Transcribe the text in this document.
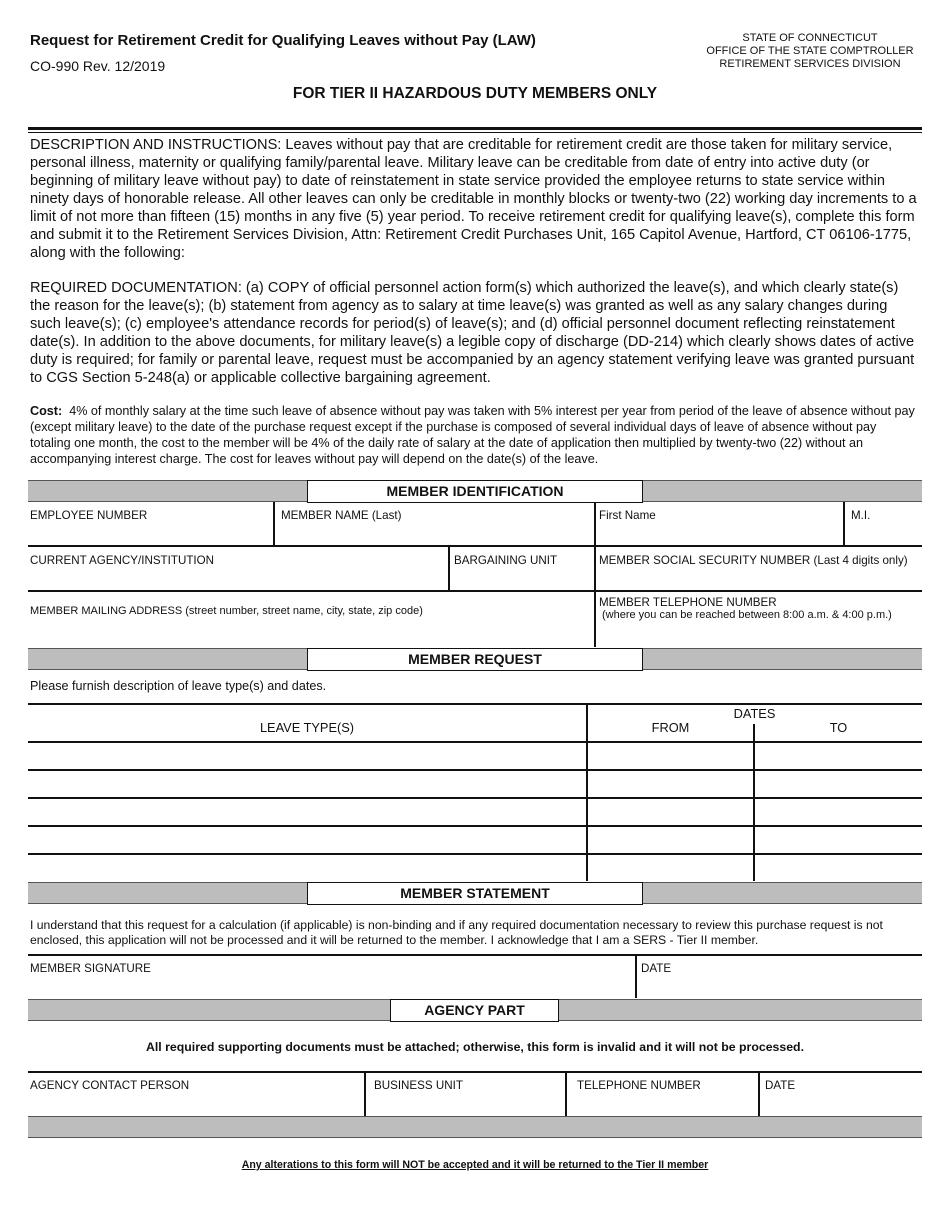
Request for Retirement Credit for Qualifying Leaves without Pay (LAW)
CO-990 Rev. 12/2019
STATE OF CONNECTICUT
OFFICE OF THE STATE COMPTROLLER
RETIREMENT SERVICES DIVISION
FOR TIER II HAZARDOUS DUTY MEMBERS ONLY
DESCRIPTION AND INSTRUCTIONS: Leaves without pay that are creditable for retirement credit are those taken for military service, personal illness, maternity or qualifying family/parental leave. Military leave can be creditable from date of entry into active duty (or beginning of military leave without pay) to date of reinstatement in state service provided the employee returns to state service within ninety days of honorable release. All other leaves can only be creditable in monthly blocks or twenty-two (22) working day increments to a limit of not more than fifteen (15) months in any five (5) year period. To receive retirement credit for qualifying leave(s), complete this form and submit it to the Retirement Services Division, Attn: Retirement Credit Purchases Unit, 165 Capitol Avenue, Hartford, CT 06106-1775, along with the following:
REQUIRED DOCUMENTATION: (a) COPY of official personnel action form(s) which authorized the leave(s), and which clearly state(s) the reason for the leave(s); (b) statement from agency as to salary at time leave(s) was granted as well as any salary changes during such leave(s); (c) employee's attendance records for period(s) of leave(s); and (d) official personnel document reflecting reinstatement date(s). In addition to the above documents, for military leave(s) a legible copy of discharge (DD-214) which clearly shows dates of active duty is required; for family or parental leave, request must be accompanied by an agency statement verifying leave was granted pursuant to CGS Section 5-248(a) or applicable collective bargaining agreement.
Cost: 4% of monthly salary at the time such leave of absence without pay was taken with 5% interest per year from period of the leave of absence without pay (except military leave) to the date of the purchase request except if the purchase is composed of several individual days of leave of absence without pay totaling one month, the cost to the member will be 4% of the daily rate of salary at the date of application then multiplied by twenty-two (22) without an accompanying interest charge. The cost for leaves without pay will depend on the date(s) of the leave.
MEMBER IDENTIFICATION
EMPLOYEE NUMBER	MEMBER NAME (Last)	First Name	M.I.
CURRENT AGENCY/INSTITUTION	BARGAINING UNIT	MEMBER SOCIAL SECURITY NUMBER (Last 4 digits only)
MEMBER MAILING ADDRESS (street number, street name, city, state, zip code)
MEMBER TELEPHONE NUMBER
(where you can be reached between 8:00 a.m. & 4:00 p.m.)
MEMBER REQUEST
Please furnish description of leave type(s) and dates.
LEAVE TYPE(S)
DATES
FROM	TO
MEMBER STATEMENT
I understand that this request for a calculation (if applicable) is non-binding and if any required documentation necessary to review this purchase request is not enclosed, this application will not be processed and it will be returned to the member. I acknowledge that I am a SERS - Tier II member.
MEMBER SIGNATURE	DATE
AGENCY PART
All required supporting documents must be attached; otherwise, this form is invalid and it will not be processed.
AGENCY CONTACT PERSON	BUSINESS UNIT	TELEPHONE NUMBER	DATE
Any alterations to this form will NOT be accepted and it will be returned to the Tier II member
